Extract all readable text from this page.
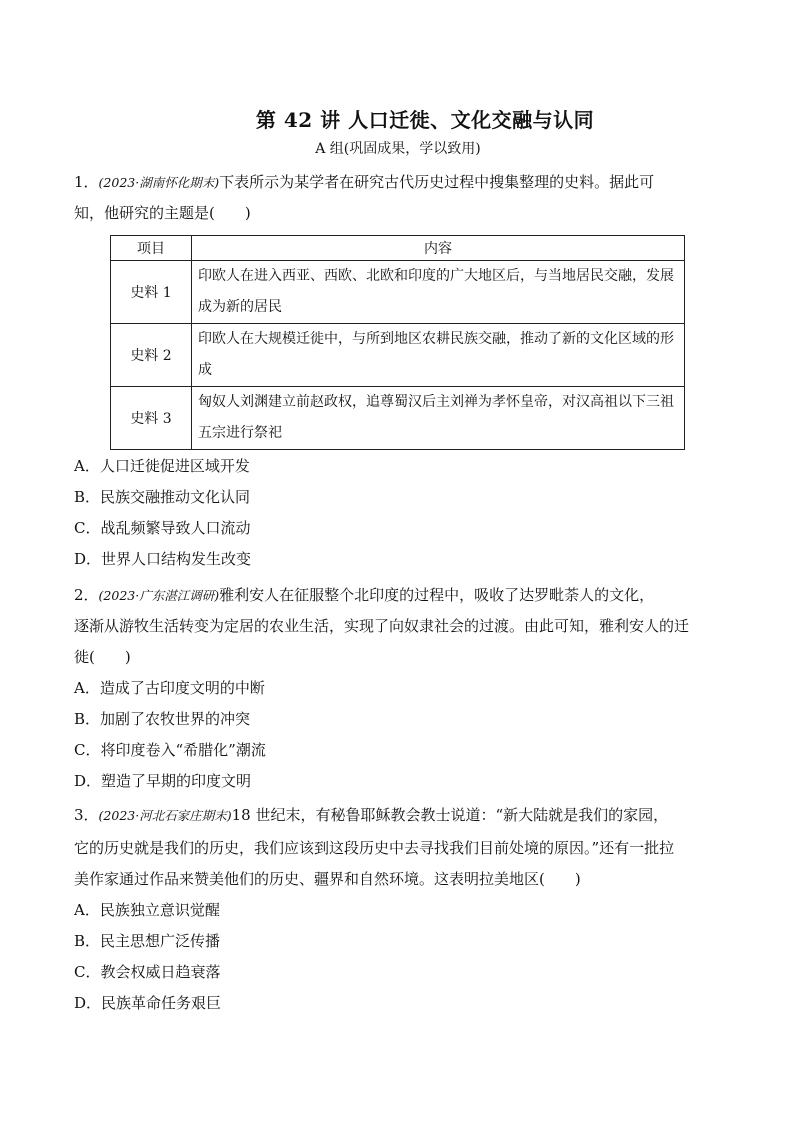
第 42 讲 人口迁徙、文化交融与认同
A 组(巩固成果，学以致用)
1．(2023·湖南怀化期末)下表所示为某学者在研究古代历史过程中搜集整理的史料。据此可
知，他研究的主题是(　　)
项目	内容
史料 1	印欧人在进入西亚、西欧、北欧和印度的广大地区后，与当地居民交融，发展成为新的居民
史料 2	印欧人在大规模迁徙中，与所到地区农耕民族交融，推动了新的文化区域的形成
史料 3	匈奴人刘渊建立前赵政权，追尊蜀汉后主刘禅为孝怀皇帝，对汉高祖以下三祖五宗进行祭祀
A．人口迁徙促进区域开发
B．民族交融推动文化认同
C．战乱频繁导致人口流动
D．世界人口结构发生改变
2．(2023·广东湛江调研)雅利安人在征服整个北印度的过程中，吸收了达罗毗荼人的文化，
逐渐从游牧生活转变为定居的农业生活，实现了向奴隶社会的过渡。由此可知，雅利安人的迁
徙(　　)
A．造成了古印度文明的中断
B．加剧了农牧世界的冲突
C．将印度卷入“希腊化”潮流
D．塑造了早期的印度文明
3．(2023·河北石家庄期末)18 世纪末，有秘鲁耶稣教会教士说道：“新大陆就是我们的家园，
它的历史就是我们的历史，我们应该到这段历史中去寻找我们目前处境的原因。”还有一批拉
美作家通过作品来赞美他们的历史、疆界和自然环境。这表明拉美地区(　　)
A．民族独立意识觉醒
B．民主思想广泛传播
C．教会权威日趋衰落
D．民族革命任务艰巨
